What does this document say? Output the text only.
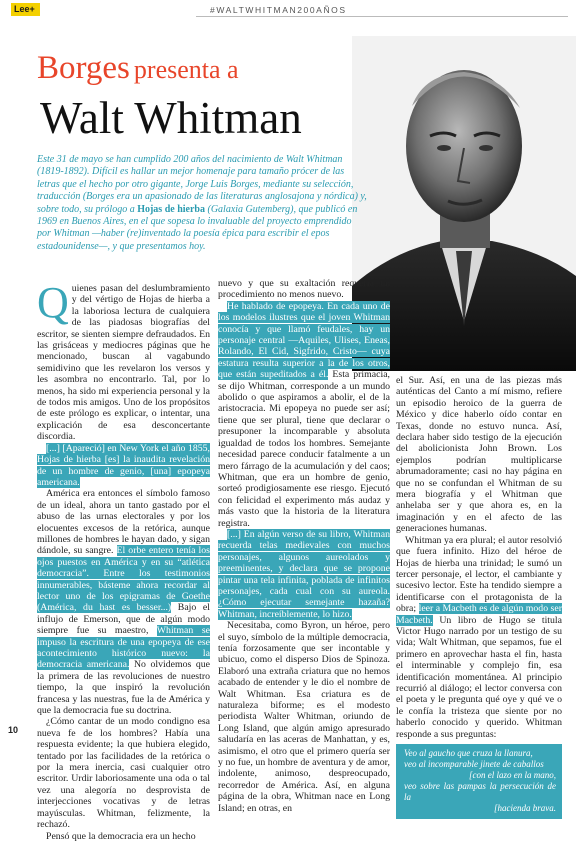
Lee+	#WALTWHITMAN200AÑOS
Borges presenta a
Walt Whitman
Este 31 de mayo se han cumplido 200 años del nacimiento de Walt Whitman (1819-1892). Difícil es hallar un mejor homenaje para tamaño prócer de las letras que el hecho por otro gigante, Jorge Luis Borges, mediante su selección, traducción (Borges era un apasionado de las literaturas anglosajona y nórdica) y, sobre todo, su prólogo a Hojas de hierba (Galaxia Gutemberg), que publicó en 1969 en Buenos Aires, en el que sopesa lo invaluable del proyecto emprendido por Whitman —haber (re)inventado la poesía épica para escribir el epos estadounidense—, y que presentamos hoy.

Quienes pasan del deslumbramiento y del vértigo de Hojas de hierba a la laboriosa lectura de cualquiera de las piadosas biografías del escritor, se sienten siempre defraudados. En las grisáceas y mediocres páginas que he mencionado, buscan al vagabundo semidivino que les revelaron los versos y les asombra no encontrarlo. Tal, por lo menos, ha sido mi experiencia personal y la de todos mis amigos. Uno de los propósitos de este prólogo es explicar, o intentar, una explicación de esa desconcertante discordia.

[...] [Apareció] en New York el año 1855, Hojas de hierba [es] la inaudita revelación de un hombre de genio, [una] epopeya americana.

América era entonces el símbolo famoso de un ideal, ahora un tanto gastado por el abuso de las urnas electorales y por los elocuentes excesos de la retórica, aunque millones de hombres le hayan dado, y sigan dándole, su sangre. El orbe entero tenía los ojos puestos en América y en su “atlética democracia”. Entre los testimonios innumerables, básteme ahora recordar al lector uno de los epigramas de Goethe (América, du hast es besser...) Bajo el influjo de Emerson, que de algún modo siempre fue su maestro, Whitman se impuso la escritura de una epopeya de ese acontecimiento histórico nuevo: la democracia americana. No olvidemos que la primera de las revoluciones de nuestro tiempo, la que inspiró la revolución francesa y las nuestras, fue la de América y que la democracia fue su doctrina.

¿Cómo cantar de un modo condigno esa nueva fe de los hombres? Había una respuesta evidente; la que hubiera elegido, tentado por las facilidades de la retórica o por la mera inercia, casi cualquier otro escritor. Urdir laboriosamente una oda o tal vez una alegoría no desprovista de interjecciones vocativas y de letras mayúsculas. Whitman, felizmente, la rechazó.

Pensó que la democracia era un hecho

nuevo y que su exaltación requería un procedimiento no menos nuevo.

He hablado de epopeya. En cada uno de los modelos ilustres que el joven Whitman conocía y que llamó feudales, hay un personaje central —Aquiles, Ulises, Eneas, Rolando, El Cid, Sigfrido, Cristo— cuya estatura resulta superior a la de los otros, que están supeditados a él. Esta primacía, se dijo Whitman, corresponde a un mundo abolido o que aspiramos a abolir, el de la aristocracia. Mi epopeya no puede ser así; tiene que ser plural, tiene que declarar o presuponer la incomparable y absoluta igualdad de todos los hombres. Semejante necesidad parece conducir fatalmente a un mero fárrago de la acumulación y del caos; Whitman, que era un hombre de genio, sorteó prodigiosamente ese riesgo. Ejecutó con felicidad el experimento más audaz y más vasto que la historia de la literatura registra.

[...] En algún verso de su libro, Whitman recuerda telas medievales con muchos personajes, algunos aureolados y preeminentes, y declara que se propone pintar una tela infinita, poblada de infinitos personajes, cada cual con su aureola. ¿Cómo ejecutar semejante hazaña? Whitman, increíblemente, lo hizo.

Necesitaba, como Byron, un héroe, pero el suyo, símbolo de la múltiple democracia, tenía forzosamente que ser incontable y ubicuo, como el disperso Dios de Spinoza. Elaboró una extraña criatura que no hemos acabado de entender y le dio el nombre de Walt Whitman. Esa criatura es de naturaleza biforme; es el modesto periodista Walter Whitman, oriundo de Long Island, que algún amigo apresurado saludaría en las aceras de Manhattan, y es, asimismo, el otro que el primero quería ser y no fue, un hombre de aventura y de amor, indolente, animoso, despreocupado, recorredor de América. Así, en alguna página de la obra, Whitman nace en Long Island; en otras, en

el Sur. Así, en una de las piezas más auténticas del Canto a mí mismo, refiere un episodio heroico de la guerra de México y dice haberlo oído contar en Texas, donde no estuvo nunca. Así, declara haber sido testigo de la ejecución del abolicionista John Brown. Los ejemplos podrían multiplicarse abrumadoramente; casi no hay página en que no se confundan el Whitman de su mera biografía y el Whitman que anhelaba ser y que ahora es, en la imaginación y en el afecto de las generaciones humanas.

Whitman ya era plural; el autor resolvió que fuera infinito. Hizo del héroe de Hojas de hierba una trinidad; le sumó un tercer personaje, el lector, el cambiante y sucesivo lector. Este ha tendido siempre a identificarse con el protagonista de la obra; leer a Macbeth es de algún modo ser Macbeth. Un libro de Hugo se titula Victor Hugo narrado por un testigo de su vida; Walt Whitman, que sepamos, fue el primero en aprovechar hasta el fin, hasta el interminable y complejo fin, esa identificación momentánea. Al principio recurrió al diálogo; el lector conversa con el poeta y le pregunta qué oye y qué ve o le confía la tristeza que siente por no haberlo conocido y querido. Whitman responde a sus preguntas:

Veo al gaucho que cruza la llanura,
veo al incomparable jinete de caballos
[con el lazo en la mano,
veo sobre las pampas la persecución de la
[hacienda brava.
10
